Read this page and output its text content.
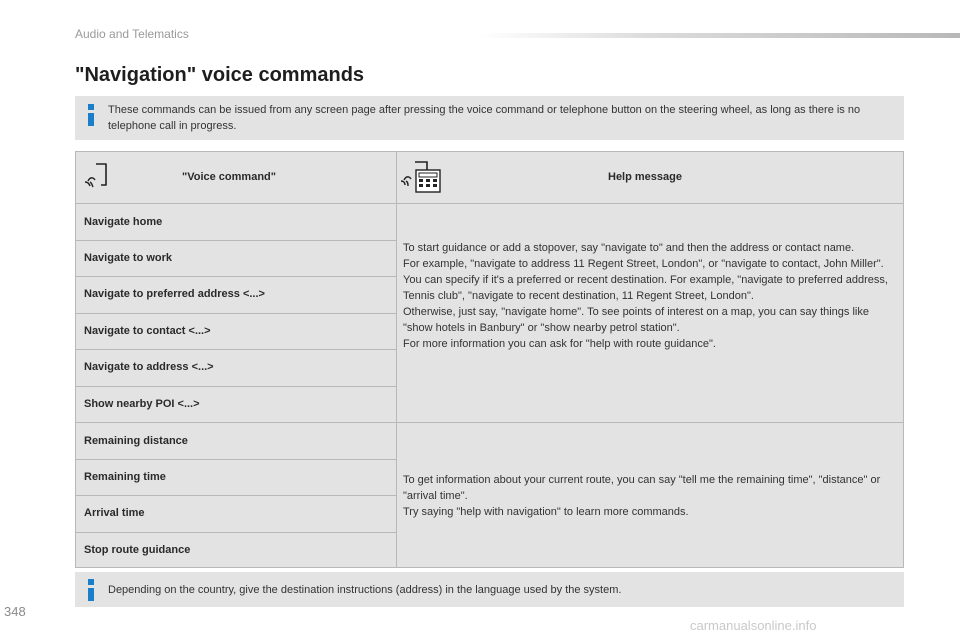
Audio and Telematics
"Navigation" voice commands
These commands can be issued from any screen page after pressing the voice command or telephone button on the steering wheel, as long as there is no telephone call in progress.
"Voice command"	Help message
Navigate home
Navigate to work
Navigate to preferred address <...>
Navigate to contact <...>
Navigate to address <...>
Show nearby POI <...>
To start guidance or add a stopover, say "navigate to" and then the address or contact name.
For example, "navigate to address 11 Regent Street, London", or "navigate to contact, John Miller".
You can specify if it's a preferred or recent destination. For example, "navigate to preferred address, Tennis club", "navigate to recent destination, 11 Regent Street, London".
Otherwise, just say, "navigate home". To see points of interest on a map, you can say things like "show hotels in Banbury" or "show nearby petrol station".
For more information you can ask for "help with route guidance".
Remaining distance
Remaining time
Arrival time
Stop route guidance
To get information about your current route, you can say "tell me the remaining time", "distance" or "arrival time".
Try saying "help with navigation" to learn more commands.
Depending on the country, give the destination instructions (address) in the language used by the system.
348
carmanualsonline.info
